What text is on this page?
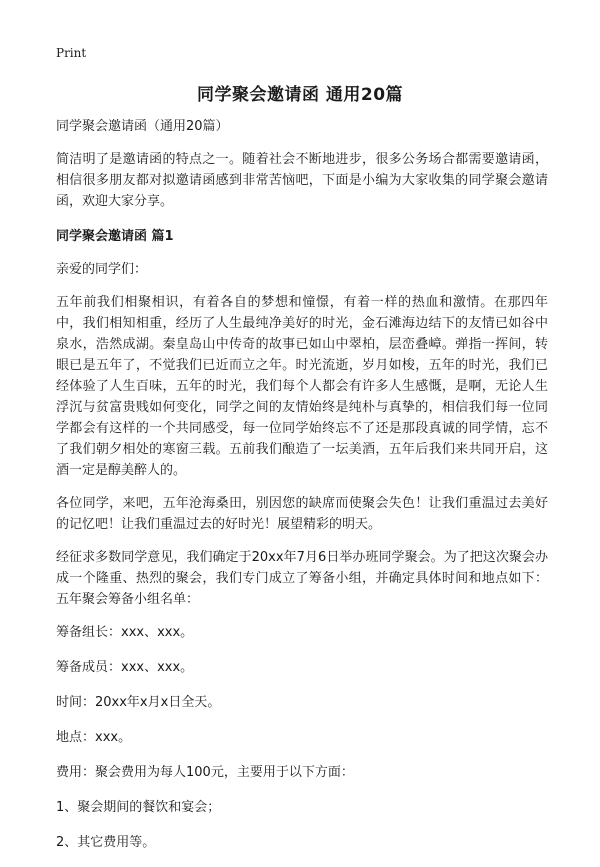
Print
同学聚会邀请函 通用20篇

同学聚会邀请函（通用20篇）

简洁明了是邀请函的特点之一。随着社会不断地进步，很多公务场合都需要邀请函，相信很多朋友都对拟邀请函感到非常苦恼吧，下面是小编为大家收集的同学聚会邀请函，欢迎大家分享。

同学聚会邀请函 篇1

亲爱的同学们：

五年前我们相聚相识，有着各自的梦想和憧憬，有着一样的热血和激情。在那四年中，我们相知相重，经历了人生最纯净美好的时光，金石滩海边结下的友情已如谷中泉水，浩然成湖。秦皇岛山中传奇的故事已如山中翠柏，层峦叠嶂。弹指一挥间，转眼已是五年了，不觉我们已近而立之年。时光流逝，岁月如梭，五年的时光，我们已经体验了人生百味，五年的时光，我们每个人都会有许多人生感慨，是啊，无论人生浮沉与贫富贵贱如何变化，同学之间的友情始终是纯朴与真挚的，相信我们每一位同学都会有这样的一个共同感受，每一位同学始终忘不了还是那段真诚的同学情，忘不了我们朝夕相处的寒窗三载。五前我们酿造了一坛美酒，五年后我们来共同开启，这酒一定是醇美醉人的。

各位同学，来吧，五年沧海桑田，别因您的缺席而使聚会失色！让我们重温过去美好的记忆吧！让我们重温过去的好时光！展望精彩的明天。

经征求多数同学意见，我们确定于20xx年7月6日举办班同学聚会。为了把这次聚会办成一个隆重、热烈的聚会，我们专门成立了筹备小组，并确定具体时间和地点如下： 五年聚会筹备小组名单：

筹备组长：xxx、xxx。

筹备成员：xxx、xxx。

时间：20xx年x月x日全天。

地点：xxx。

费用：聚会费用为每人100元，主要用于以下方面：

1、聚会期间的餐饮和宴会；

2、其它费用等。
